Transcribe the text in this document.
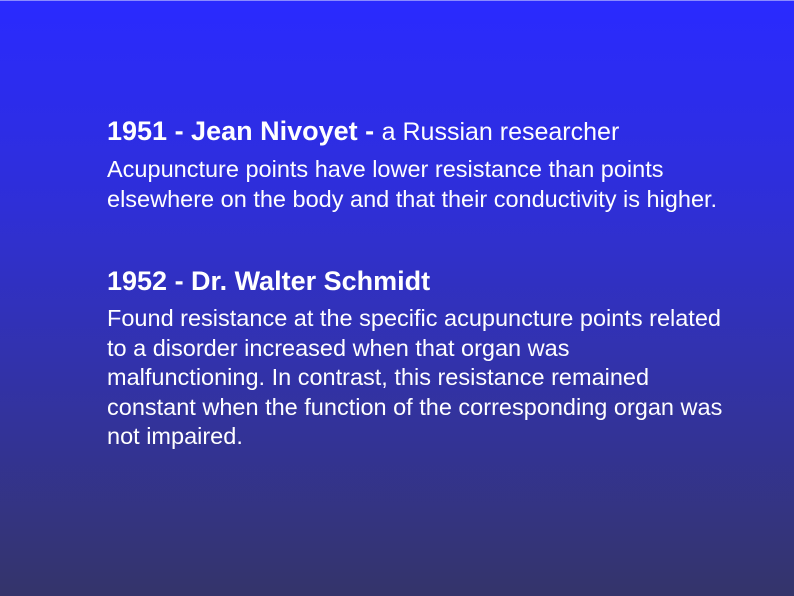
1951 - Jean Nivoyet - a Russian researcher

Acupuncture points have lower resistance than points elsewhere on the body and that their conductivity is higher.

1952 - Dr. Walter Schmidt

Found resistance at the specific acupuncture points related to a disorder increased when that organ was malfunctioning. In contrast, this resistance remained constant when the function of the corresponding organ was not impaired.
